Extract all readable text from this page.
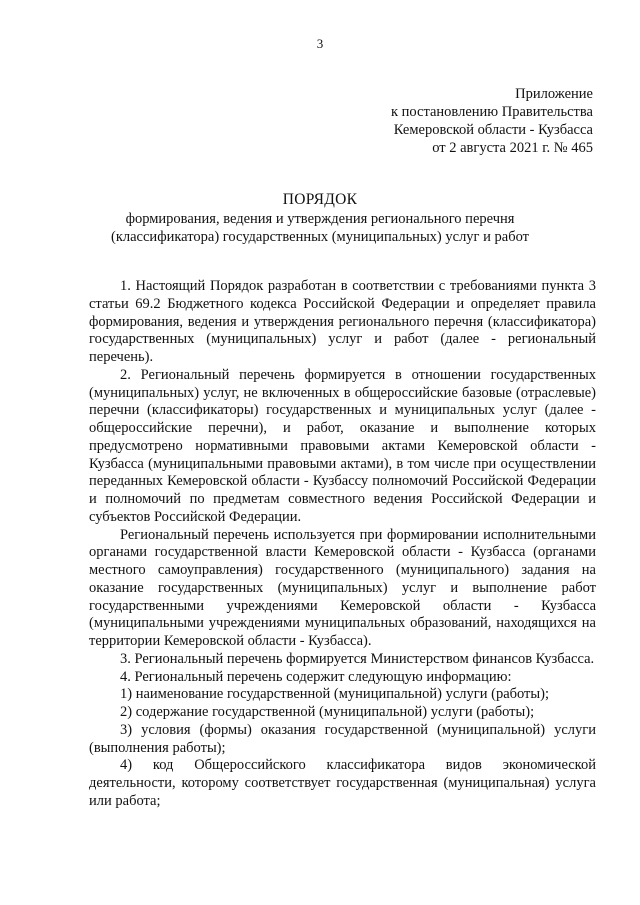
3
Приложение
к постановлению Правительства
Кемеровской области - Кузбасса
от 2 августа 2021 г. № 465
ПОРЯДОК
формирования, ведения и утверждения регионального перечня
(классификатора) государственных (муниципальных) услуг и работ

1. Настоящий Порядок разработан в соответствии с требованиями пункта 3 статьи 69.2 Бюджетного кодекса Российской Федерации и определяет правила формирования, ведения и утверждения регионального перечня (классификатора) государственных (муниципальных) услуг и работ (далее - региональный перечень).

2. Региональный перечень формируется в отношении государственных (муниципальных) услуг, не включенных в общероссийские базовые (отраслевые) перечни (классификаторы) государственных и муниципальных услуг (далее - общероссийские перечни), и работ, оказание и выполнение которых предусмотрено нормативными правовыми актами Кемеровской области - Кузбасса (муниципальными правовыми актами), в том числе при осуществлении переданных Кемеровской области - Кузбассу полномочий Российской Федерации и полномочий по предметам совместного ведения Российской Федерации и субъектов Российской Федерации.

Региональный перечень используется при формировании исполнительными органами государственной власти Кемеровской области - Кузбасса (органами местного самоуправления) государственного (муниципального) задания на оказание государственных (муниципальных) услуг и выполнение работ государственными учреждениями Кемеровской области - Кузбасса (муниципальными учреждениями муниципальных образований, находящихся на территории Кемеровской области - Кузбасса).

3. Региональный перечень формируется Министерством финансов Кузбасса.

4. Региональный перечень содержит следующую информацию:

1) наименование государственной (муниципальной) услуги (работы);

2) содержание государственной (муниципальной) услуги (работы);

3) условия (формы) оказания государственной (муниципальной) услуги (выполнения работы);

4) код Общероссийского классификатора видов экономической деятельности, которому соответствует государственная (муниципальная) услуга или работа;
